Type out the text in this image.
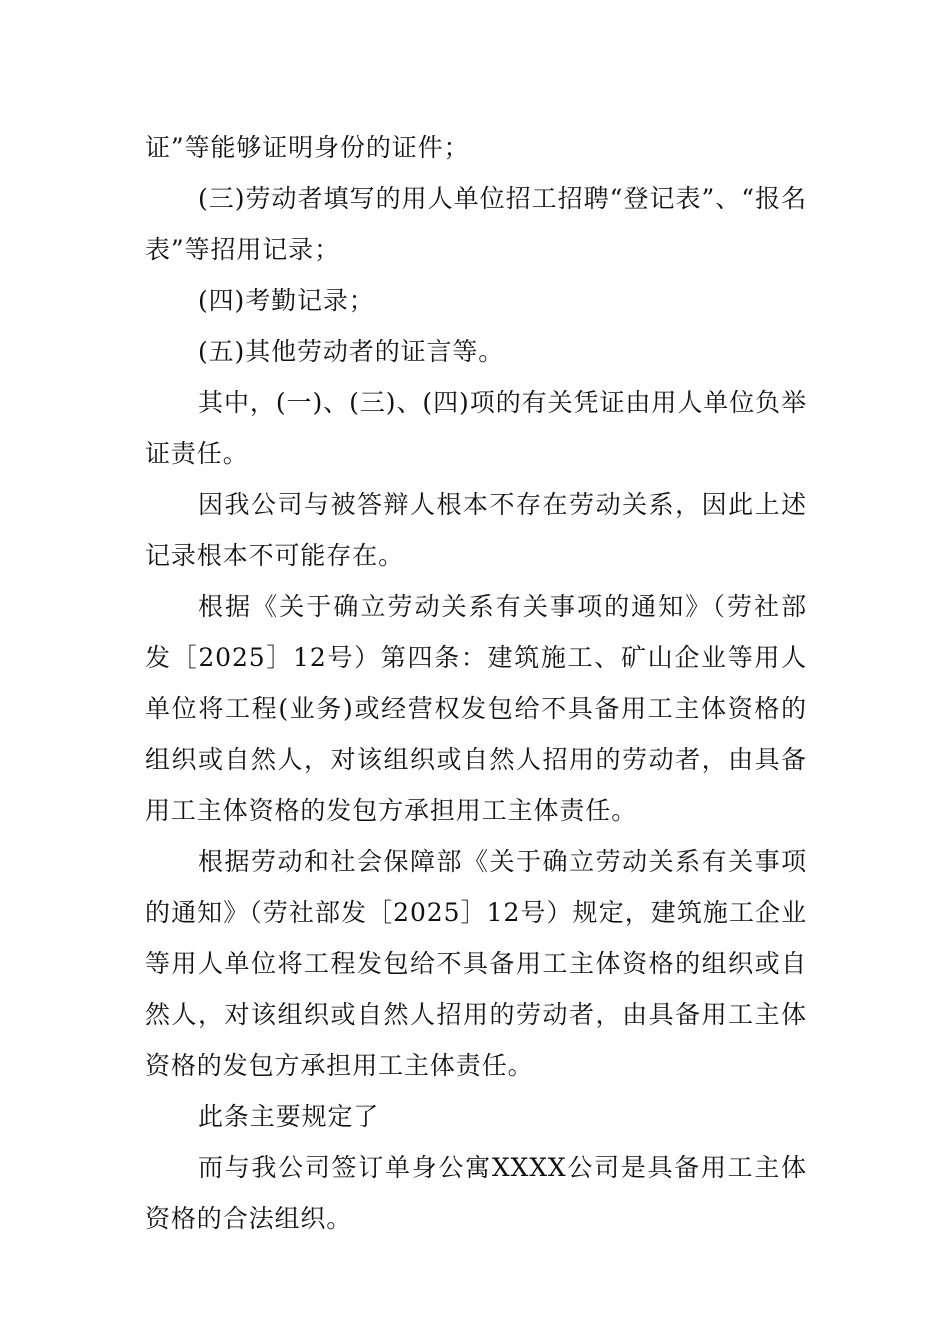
证”等能够证明身份的证件；

(三)劳动者填写的用人单位招工招聘“登记表”、“报名表”等招用记录；

(四)考勤记录；

(五)其他劳动者的证言等。

其中，(一)、(三)、(四)项的有关凭证由用人单位负举证责任。

因我公司与被答辩人根本不存在劳动关系，因此上述记录根本不可能存在。

根据《关于确立劳动关系有关事项的通知》（劳社部发［2025］12号）第四条：建筑施工、矿山企业等用人单位将工程(业务)或经营权发包给不具备用工主体资格的组织或自然人，对该组织或自然人招用的劳动者，由具备用工主体资格的发包方承担用工主体责任。

根据劳动和社会保障部《关于确立劳动关系有关事项的通知》（劳社部发［2025］12号）规定，建筑施工企业等用人单位将工程发包给不具备用工主体资格的组织或自然人，对该组织或自然人招用的劳动者，由具备用工主体资格的发包方承担用工主体责任。

此条主要规定了

而与我公司签订单身公寓XXXX公司是具备用工主体资格的合法组织。
